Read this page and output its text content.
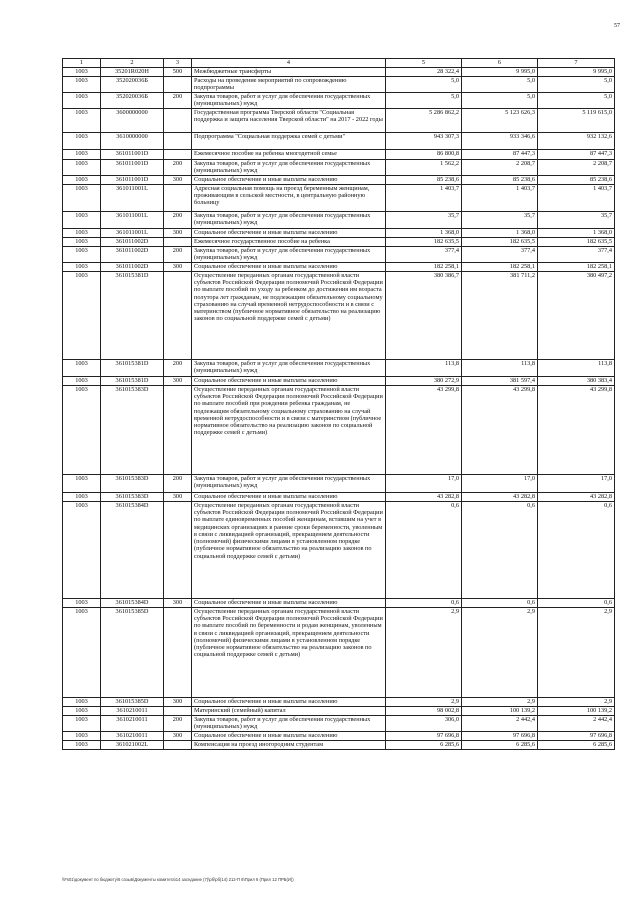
57
1	2	3	4	5	6	7
1003	35201R020H	500	Межбюджетные трансферты	28 322,4	9 995,0	9 995,0
1003	352020036Б		Расходы на проведение мероприятий по сопровождению подпрограммы	5,0	5,0	5,0
1003	352020036Б	200	Закупка товаров, работ и услуг для обеспечения государственных (муниципальных) нужд	5,0	5,0	5,0
1003	3600000000		Государственная программа Тверской области "Социальная поддержка и защита населения Тверской области" на 2017 - 2022 годы	5 286 862,2	5 123 626,3	5 119 615,0
1003	3610000000		Подпрограмма "Социальная поддержка семей с детьми"	943 307,3	933 346,6	932 132,6
1003	361011001D		Ежемесячное пособие на ребенка многодетной семье	86 800,8	87 447,3	87 447,3
1003	361011001D	200	Закупка товаров, работ и услуг для обеспечения государственных (муниципальных) нужд	1 562,2	2 208,7	2 208,7
1003	361011001D	300	Социальное обеспечение и иные выплаты населению	85 238,6	85 238,6	85 238,6
1003	361011001L		Адресная социальная помощь на проезд беременным женщинам, проживающим в сельской местности, в центральную районную больницу	1 403,7	1 403,7	1 403,7
1003	361011001L	200	Закупка товаров, работ и услуг для обеспечения государственных (муниципальных) нужд	35,7	35,7	35,7
1003	361011001L	300	Социальное обеспечение и иные выплаты населению	1 368,0	1 368,0	1 368,0
1003	361011002D		Ежемесячное государственное пособие на ребенка	182 635,5	182 635,5	182 635,5
1003	361011002D	200	Закупка товаров, работ и услуг для обеспечения государственных (муниципальных) нужд	377,4	377,4	377,4
1003	361011002D	300	Социальное обеспечение и иные выплаты населению	182 258,1	182 258,1	182 258,1
1003	361015381D		Осуществление переданных органам государственной власти субъектов Российской Федерации полномочий Российской Федерации по выплате пособий по уходу за ребенком до достижения им возраста полутора лет гражданам, не подлежащим обязательному социальному страхованию на случай временной нетрудоспособности и в связи с материнством (публичное нормативное обязательство на реализацию законов по социальной поддержке семей с детьми)	380 386,7	381 711,2	380 497,2
1003	361015381D	200	Закупка товаров, работ и услуг для обеспечения государственных (муниципальных) нужд	113,8	113,8	113,8
1003	361015381D	300	Социальное обеспечение и иные выплаты населению	380 272,9	381 597,4	380 383,4
1003	361015383D		Осуществление переданных органам государственной власти субъектов Российской Федерации полномочий Российской Федерации по выплате пособий при рождении ребенка гражданам, не подлежащим обязательному социальному страхованию на случай временной нетрудоспособности и в связи с материнством (публичное нормативное обязательство на реализацию законов по социальной поддержке семей с детьми)	43 299,8	43 299,8	43 299,8
1003	361015383D	200	Закупка товаров, работ и услуг для обеспечения государственных (муниципальных) нужд	17,0	17,0	17,0
1003	361015383D	300	Социальное обеспечение и иные выплаты населению	43 282,8	43 282,8	43 282,8
1003	361015384D		Осуществление переданных органам государственной власти субъектов Российской Федерации полномочий Российской Федерации по выплате единовременных пособий женщинам, вставшим на учет в медицинских организациях в ранние сроки беременности, уволенным в связи с ликвидацией организаций, прекращением деятельности (полномочий) физическими лицами в установленном порядке (публичное нормативное обязательство на реализацию законов по социальной поддержке семей с детьми)	0,6	0,6	0,6
1003	361015384D	300	Социальное обеспечение и иные выплаты населению	0,6	0,6	0,6
1003	361015385D		Осуществление переданных органам государственной власти субъектов Российской Федерации полномочий Российской Федерации по выплате пособий по беременности и родам женщинам, уволенным в связи с ликвидацией организаций, прекращением деятельности (полномочий) физическими лицами в установленном порядке (публичное нормативное обязательство на реализацию законов по социальной поддержке семей с детьми)	2,9	2,9	2,9
1003	361015385D	300	Социальное обеспечение и иные выплаты населению	2,9	2,9	2,9
1003	3610210011		Материнский (семейный) капитал	98 002,8	100 139,2	100 139,2
1003	3610210011	200	Закупка товаров, работ и услуг для обеспечения государственных (муниципальных) нужд	306,0	2 442,4	2 442,4
1003	3610210011	300	Социальное обеспечение и иные выплаты населению	97 696,8	97 696,8	97 696,8
1003	361021002L		Компенсация на проезд иногородним студентам	6 285,6	6 285,6	6 285,6
\\Fs01\документ по бюджету\6 созыв\Документы комитета\14 заседание (7)\рб\рб(14) 212-П 6\Прил 6 (Прил 12 ПРБ(И))
